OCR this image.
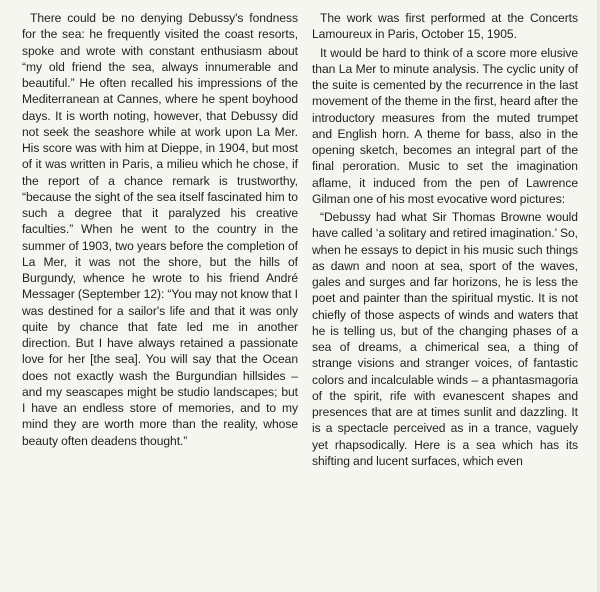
There could be no denying Debussy's fondness for the sea: he frequently visited the coast resorts, spoke and wrote with constant enthusiasm about “my old friend the sea, always innumerable and beautiful.” He often recalled his impressions of the Mediterranean at Cannes, where he spent boyhood days. It is worth noting, however, that Debussy did not seek the seashore while at work upon La Mer. His score was with him at Dieppe, in 1904, but most of it was written in Paris, a milieu which he chose, if the report of a chance remark is trustworthy, “because the sight of the sea itself fascinated him to such a degree that it paralyzed his creative faculties.” When he went to the country in the summer of 1903, two years before the completion of La Mer, it was not the shore, but the hills of Burgundy, whence he wrote to his friend André Messager (September 12): “You may not know that I was destined for a sailor's life and that it was only quite by chance that fate led me in another direction. But I have always retained a passionate love for her [the sea]. You will say that the Ocean does not exactly wash the Burgundian hillsides – and my seascapes might be studio landscapes; but I have an endless store of memories, and to my mind they are worth more than the reality, whose beauty often deadens thought.”

The work was first performed at the Concerts Lamoureux in Paris, October 15, 1905.

It would be hard to think of a score more elusive than La Mer to minute analysis. The cyclic unity of the suite is cemented by the recurrence in the last movement of the theme in the first, heard after the introductory measures from the muted trumpet and English horn. A theme for bass, also in the opening sketch, becomes an integral part of the final peroration. Music to set the imagination aflame, it induced from the pen of Lawrence Gilman one of his most evocative word pictures:

“Debussy had what Sir Thomas Browne would have called ‘a solitary and retired imagination.’ So, when he essays to depict in his music such things as dawn and noon at sea, sport of the waves, gales and surges and far horizons, he is less the poet and painter than the spiritual mystic. It is not chiefly of those aspects of winds and waters that he is telling us, but of the changing phases of a sea of dreams, a chimerical sea, a thing of strange visions and stranger voices, of fantastic colors and incalculable winds – a phantasmagoria of the spirit, rife with evanescent shapes and presences that are at times sunlit and dazzling. It is a spectacle perceived as in a trance, vaguely yet rhapsodically. Here is a sea which has its shifting and lucent surfaces, which even
